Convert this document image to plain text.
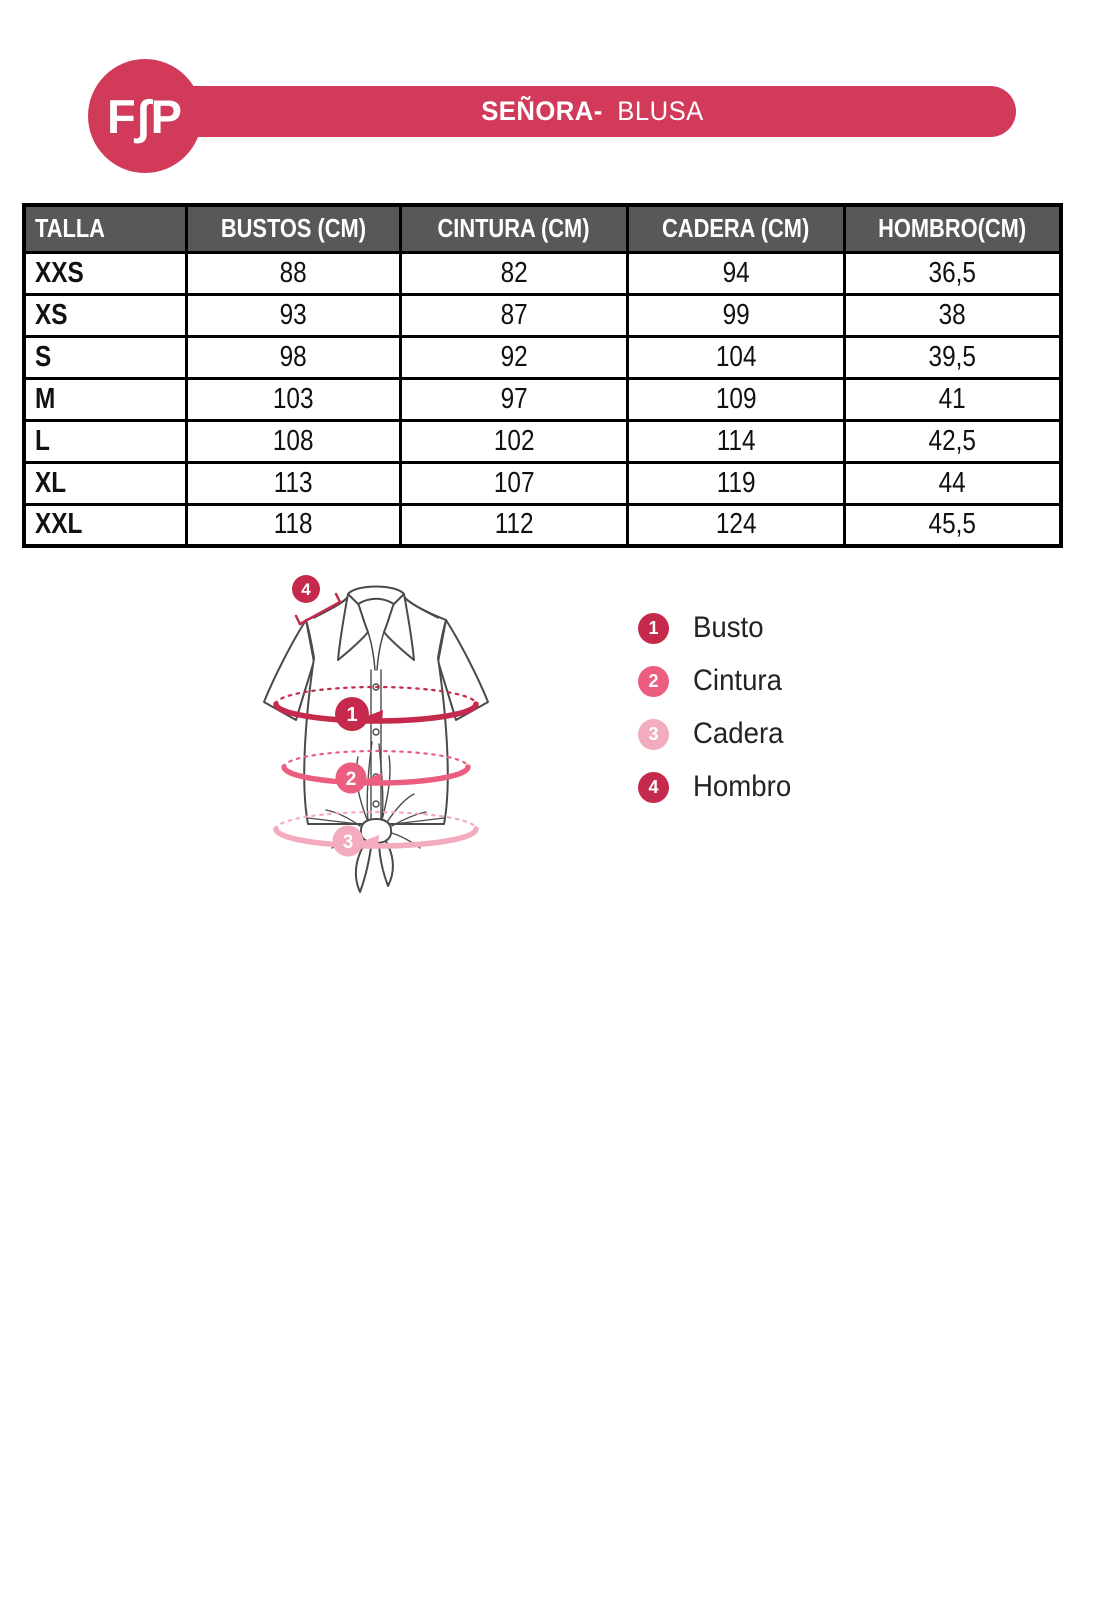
SEÑORA- BLUSA
F∫P
TALLA	BUSTOS (CM)	CINTURA (CM)	CADERA (CM)	HOMBRO(CM)
XXS	88	82	94	36,5
XS	93	87	99	38
S	98	92	104	39,5
M	103	97	109	41
L	108	102	114	42,5
XL	113	107	119	44
XXL	118	112	124	45,5
4
1
2
3
1 Busto
2 Cintura
3 Cadera
4 Hombro
